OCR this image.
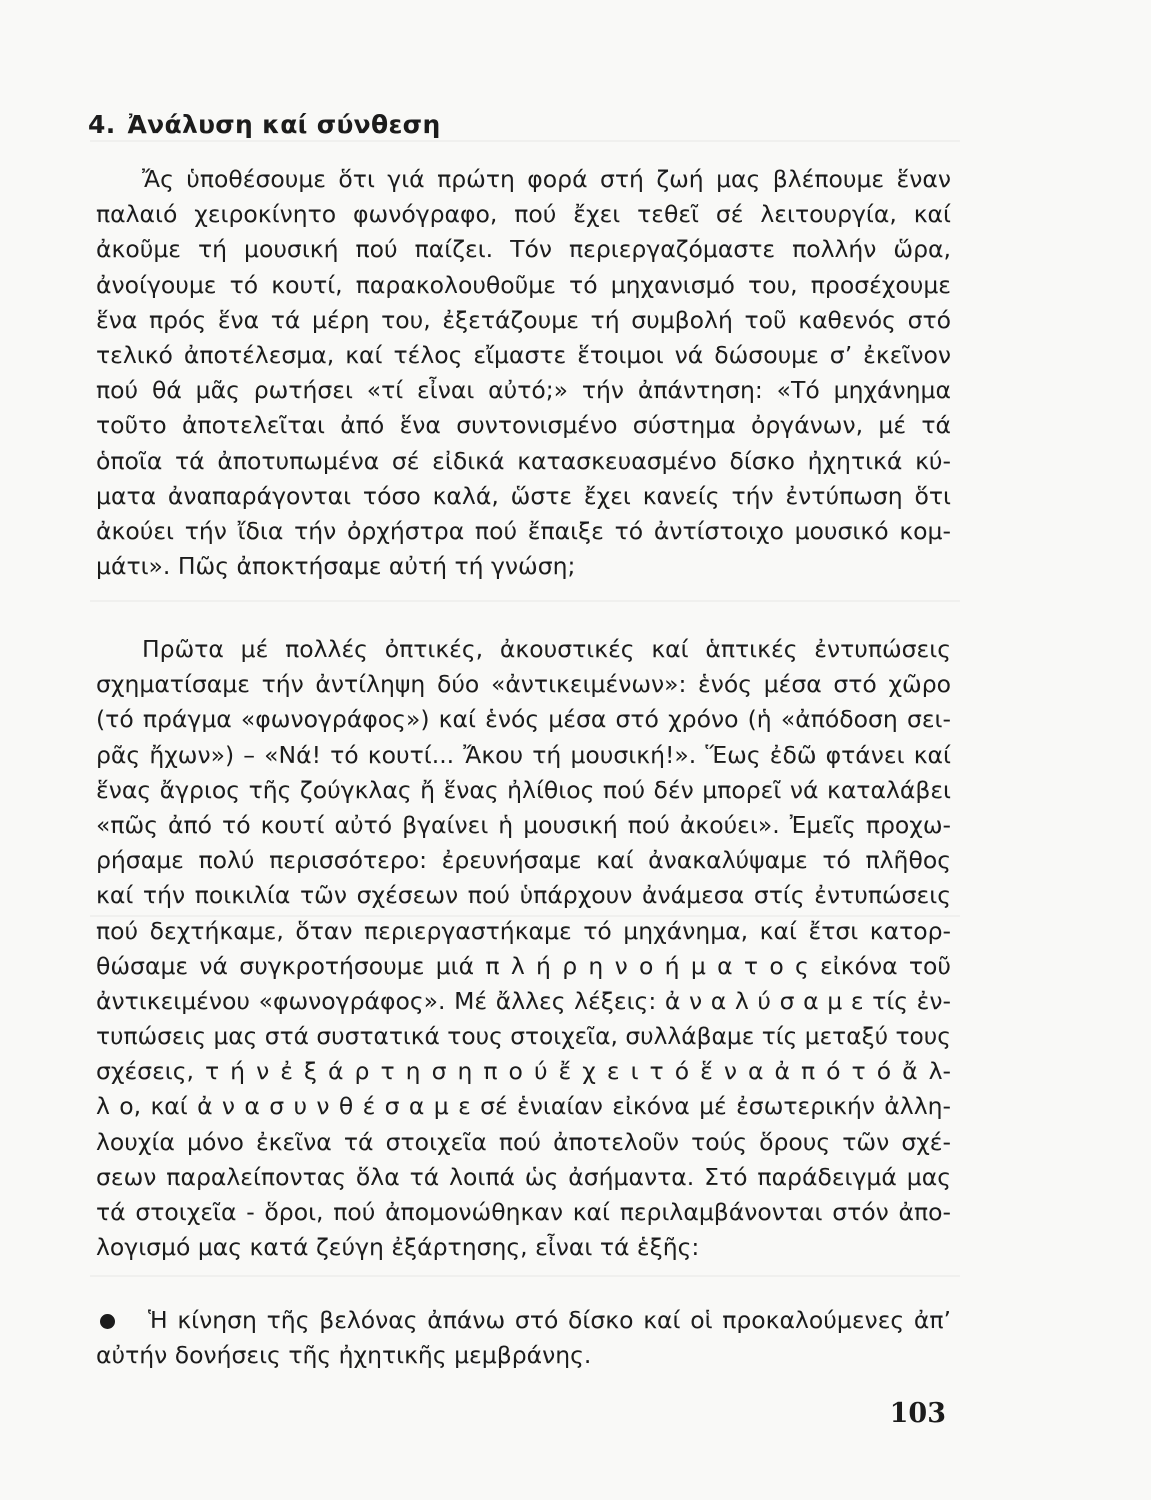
4. Ἀνάλυση καί σύνθεση
Ἄς ὑποθέσουμε ὅτι γιά πρώτη φορά στή ζωή μας βλέπουμε ἕναν
παλαιό χειροκίνητο φωνόγραφο, πού ἔχει τεθεῖ σέ λειτουργία, καί
ἀκοῦμε τή μουσική πού παίζει. Τόν περιεργαζόμαστε πολλήν ὥρα,
ἀνοίγουμε τό κουτί, παρακολουθοῦμε τό μηχανισμό του, προσέχουμε
ἕνα πρός ἕνα τά μέρη του, ἐξετάζουμε τή συμβολή τοῦ καθενός στό
τελικό ἀποτέλεσμα, καί τέλος εἴμαστε ἕτοιμοι νά δώσουμε σ’ ἐκεῖνον
πού θά μᾶς ρωτήσει «τί εἶναι αὐτό;» τήν ἀπάντηση: «Τό μηχάνημα
τοῦτο ἀποτελεῖται ἀπό ἕνα συντονισμένο σύστημα ὀργάνων, μέ τά
ὁποῖα τά ἀποτυπωμένα σέ εἰδικά κατασκευασμένο δίσκο ἠχητικά κύ-
ματα ἀναπαράγονται τόσο καλά, ὥστε ἔχει κανείς τήν ἐντύπωση ὅτι
ἀκούει τήν ἴδια τήν ὀρχήστρα πού ἔπαιξε τό ἀντίστοιχο μουσικό κομ-
μάτι». Πῶς ἀποκτήσαμε αὐτή τή γνώση;
Πρῶτα μέ πολλές ὀπτικές, ἀκουστικές καί ἁπτικές ἐντυπώσεις
σχηματίσαμε τήν ἀντίληψη δύο «ἀντικειμένων»: ἑνός μέσα στό χῶρο
(τό πράγμα «φωνογράφος») καί ἑνός μέσα στό χρόνο (ἡ «ἀπόδοση σει-
ρᾶς ἤχων») – «Νά! τό κουτί... Ἄκου τή μουσική!». Ἕως ἐδῶ φτάνει καί
ἕνας ἄγριος τῆς ζούγκλας ἤ ἕνας ἠλίθιος πού δέν μπορεῖ νά καταλάβει
«πῶς ἀπό τό κουτί αὐτό βγαίνει ἡ μουσική πού ἀκούει». Ἐμεῖς προχω-
ρήσαμε πολύ περισσότερο: ἐρευνήσαμε καί ἀνακαλύψαμε τό πλῆθος
καί τήν ποικιλία τῶν σχέσεων πού ὑπάρχουν ἀνάμεσα στίς ἐντυπώσεις
πού δεχτήκαμε, ὅταν περιεργαστήκαμε τό μηχάνημα, καί ἔτσι κατορ-
θώσαμε νά συγκροτήσουμε μιά π λ ή ρ η ν ο ή μ α τ ο ς εἰκόνα τοῦ
ἀντικειμένου «φωνογράφος». Μέ ἄλλες λέξεις: ἀ ν α λ ύ σ α μ ε τίς ἐν-
τυπώσεις μας στά συστατικά τους στοιχεῖα, συλλάβαμε τίς μεταξύ τους
σχέσεις, τ ή ν ἐ ξ ά ρ τ η σ η π ο ύ ἔ χ ε ι τ ό ἕ ν α ἀ π ό τ ό ἄ λ-
λ ο, καί ἀ ν α σ υ ν θ έ σ α μ ε σέ ἑνιαίαν εἰκόνα μέ ἐσωτερικήν ἀλλη-
λουχία μόνο ἐκεῖνα τά στοιχεῖα πού ἀποτελοῦν τούς ὅρους τῶν σχέ-
σεων παραλείποντας ὅλα τά λοιπά ὡς ἀσήμαντα. Στό παράδειγμά μας
τά στοιχεῖα - ὅροι, πού ἀπομονώθηκαν καί περιλαμβάνονται στόν ἀπο-
λογισμό μας κατά ζεύγη ἐξάρτησης, εἶναι τά ἑξῆς:
Ἡ κίνηση τῆς βελόνας ἀπάνω στό δίσκο καί οἱ προκαλούμενες ἀπ’
αὐτήν δονήσεις τῆς ἠχητικῆς μεμβράνης.
103
